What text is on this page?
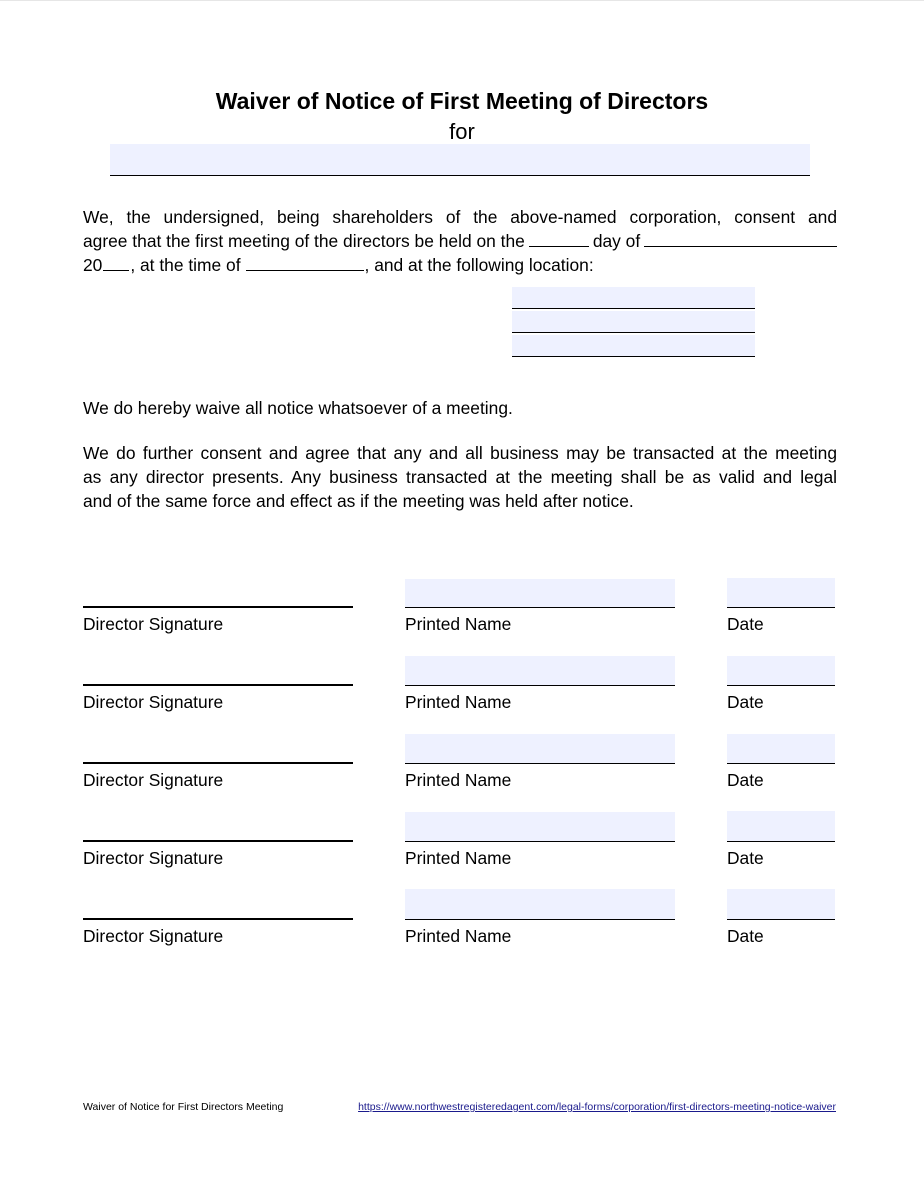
Waiver of Notice of First Meeting of Directors
for
We, the undersigned, being shareholders of the above-named corporation, consent and
agree that the first meeting of the directors be held on the	day of
20 , at the time of	, and at the following location:
We do hereby waive all notice whatsoever of a meeting.
We do further consent and agree that any and all business may be transacted at the meeting
as any director presents. Any business transacted at the meeting shall be as valid and legal
and of the same force and effect as if the meeting was held after notice.
Director Signature	Printed Name	Date
Director Signature	Printed Name	Date
Director Signature	Printed Name	Date
Director Signature	Printed Name	Date
Director Signature	Printed Name	Date
Waiver of Notice for First Directors Meeting	https://www.northwestregisteredagent.com/legal-forms/corporation/first-directors-meeting-notice-waiver
